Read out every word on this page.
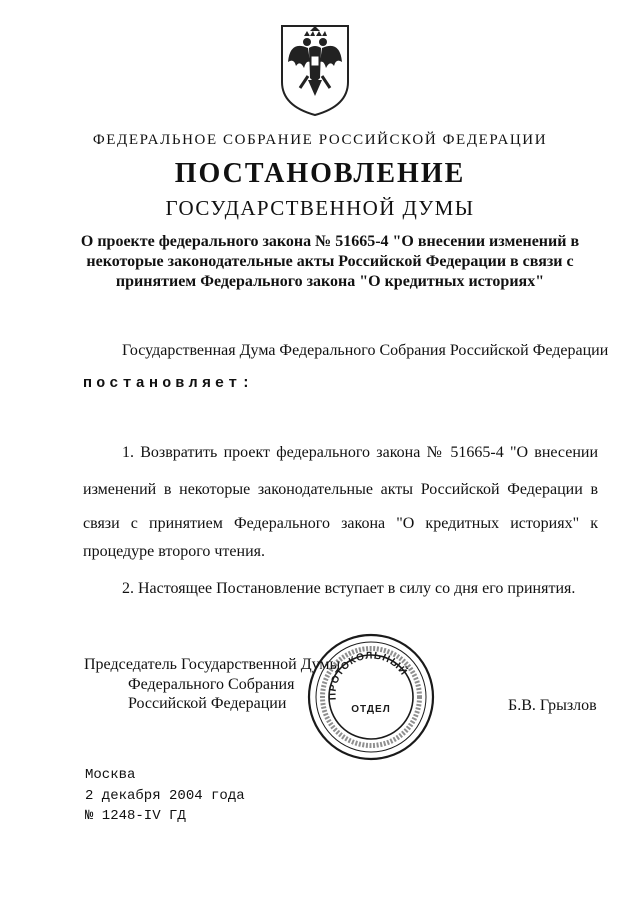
ФЕДЕРАЛЬНОЕ СОБРАНИЕ РОССИЙСКОЙ ФЕДЕРАЦИИ
ПОСТАНОВЛЕНИЕ
ГОСУДАРСТВЕННОЙ ДУМЫ
О проекте федерального закона № 51665-4 "О внесении изменений в
некоторые законодательные акты Российской Федерации в связи с
принятием Федерального закона "О кредитных историях"
Государственная Дума Федерального Собрания Российской Федерации
постановляет:
1. Возвратить проект федерального закона № 51665-4 "О внесении
изменений в некоторые законодательные акты Российской Федерации в
связи с принятием Федерального закона "О кредитных историях" к
процедуре второго чтения.
2. Настоящее Постановление вступает в силу со дня его принятия.
Председатель Государственной Думы
Федерального Собрания
Российской Федерации	Б.В. Грызлов
ПРОТОКОЛЬНЫЙ
ОТДЕЛ
Москва
2 декабря 2004 года
№ 1248-IV ГД
